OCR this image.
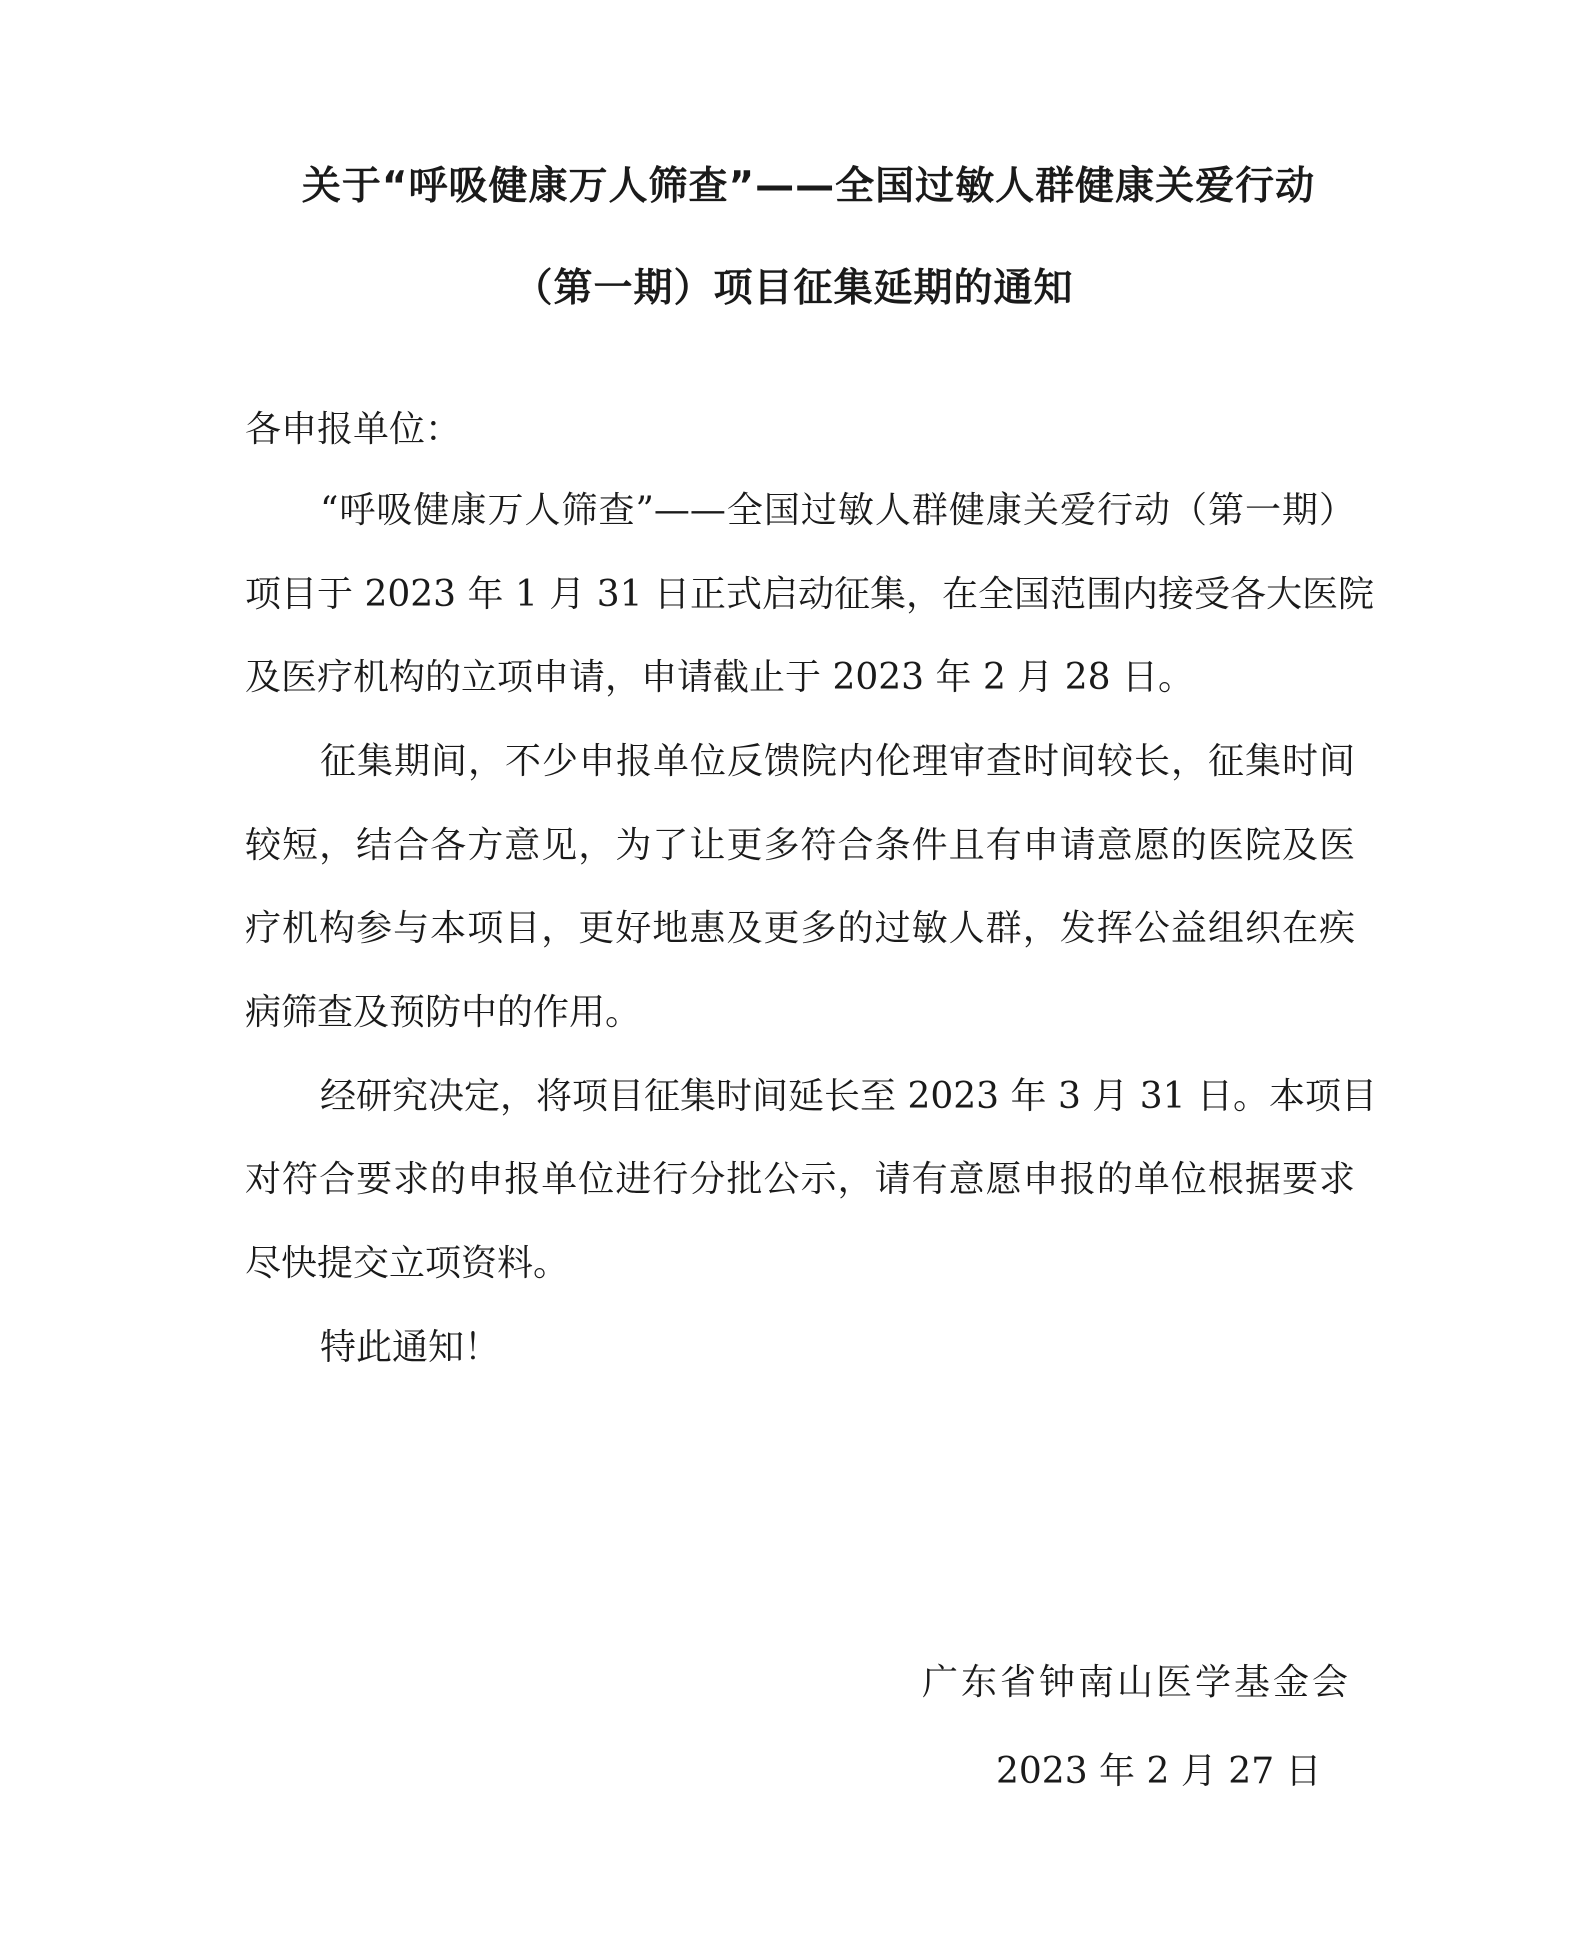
关于“呼吸健康万人筛查”——全国过敏人群健康关爱行动
（第一期）项目征集延期的通知
各申报单位：
“呼吸健康万人筛查”——全国过敏人群健康关爱行动（第一期）
项目于 2023 年 1 月 31 日正式启动征集，在全国范围内接受各大医院
及医疗机构的立项申请，申请截止于 2023 年 2 月 28 日。
征集期间，不少申报单位反馈院内伦理审查时间较长，征集时间
较短，结合各方意见，为了让更多符合条件且有申请意愿的医院及医
疗机构参与本项目，更好地惠及更多的过敏人群，发挥公益组织在疾
病筛查及预防中的作用。
经研究决定，将项目征集时间延长至 2023 年 3 月 31 日。本项目
对符合要求的申报单位进行分批公示，请有意愿申报的单位根据要求
尽快提交立项资料。
特此通知！
广东省钟南山医学基金会
2023 年 2 月 27 日
